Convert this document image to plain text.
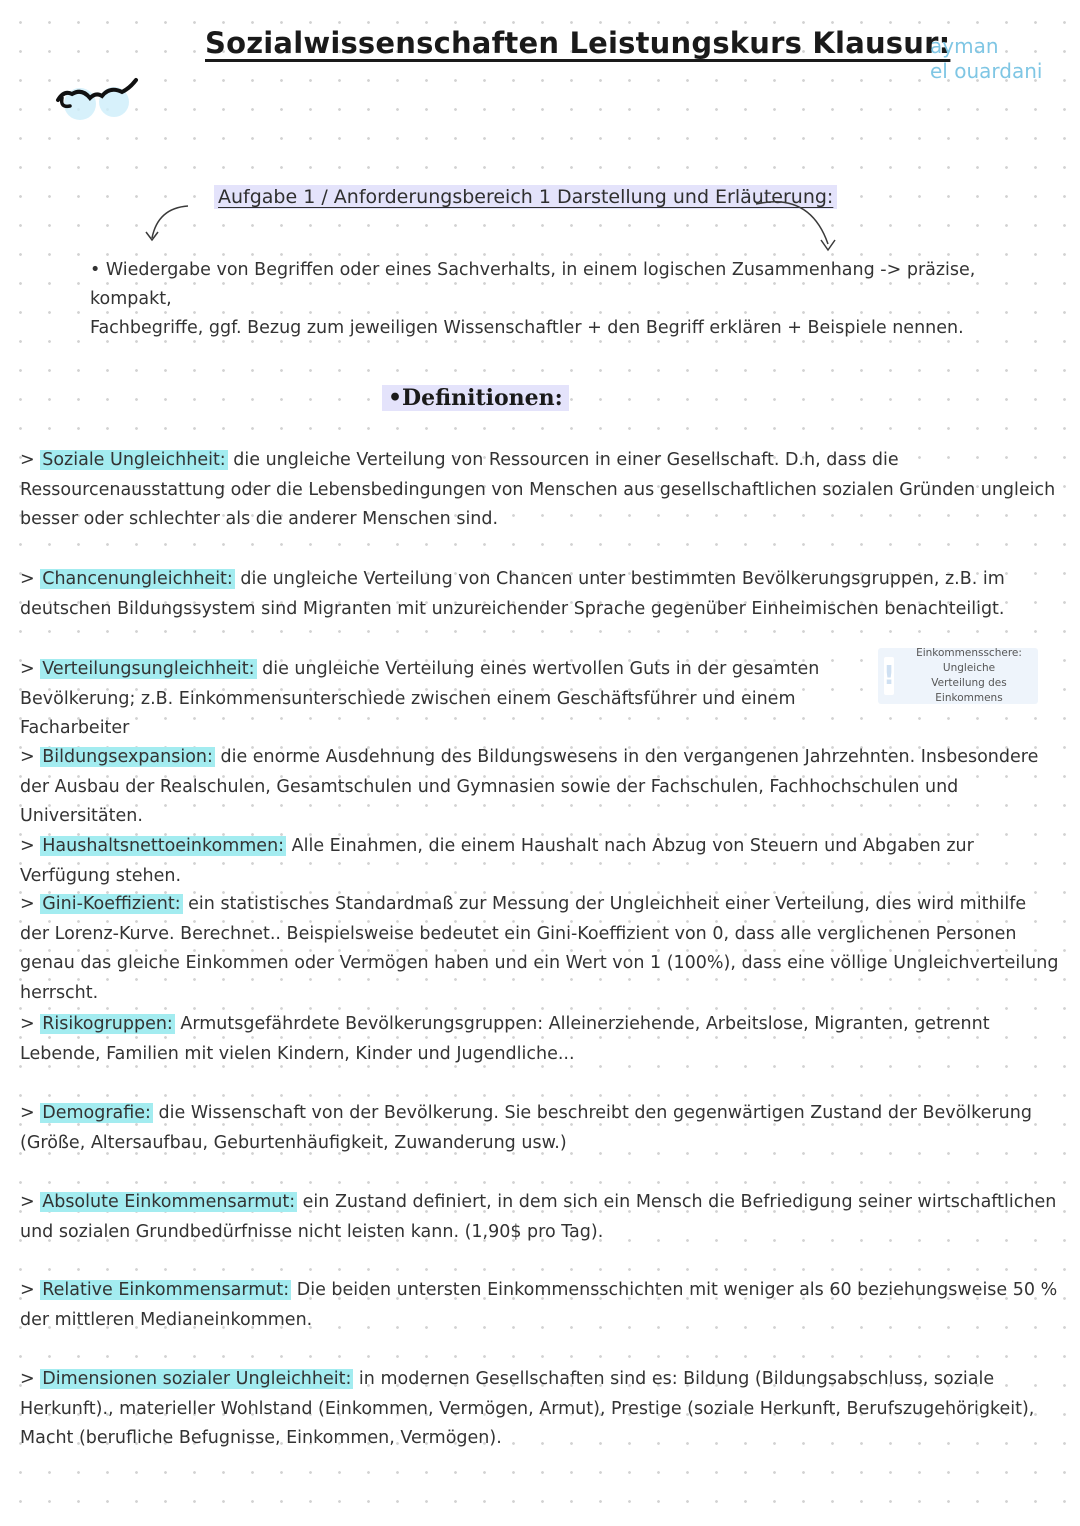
Sozialwissenschaften Leistungskurs Klausur:
ayman
el ouardani
Aufgabe 1 / Anforderungsbereich 1 Darstellung und Erläuterung:
• Wiedergabe von Begriffen oder eines Sachverhalts, in einem logischen Zusammenhang -> präzise, kompakt,
Fachbegriffe, ggf. Bezug zum jeweiligen Wissenschaftler + den Begriff erklären + Beispiele nennen.
•Definitionen:
> Soziale Ungleichheit: die ungleiche Verteilung von Ressourcen in einer Gesellschaft. D.h, dass die Ressourcenausstattung oder die Lebensbedingungen von Menschen aus gesellschaftlichen sozialen Gründen ungleich besser oder schlechter als die anderer Menschen sind.
> Chancenungleichheit: die ungleiche Verteilung von Chancen unter bestimmten Bevölkerungsgruppen, z.B. im deutschen Bildungssystem sind Migranten mit unzureichender Sprache gegenüber Einheimischen benachteiligt.
> Verteilungsungleichheit: die ungleiche Verteilung eines wertvollen Guts in der gesamten Bevölkerung; z.B. Einkommensunterschiede zwischen einem Geschäftsführer und einem Facharbeiter
!
Einkommensschere: Ungleiche
Verteilung des Einkommens
> Bildungsexpansion: die enorme Ausdehnung des Bildungswesens in den vergangenen Jahrzehnten. Insbesondere der Ausbau der Realschulen, Gesamtschulen und Gymnasien sowie der Fachschulen, Fachhochschulen und Universitäten.
> Haushaltsnettoeinkommen: Alle Einahmen, die einem Haushalt nach Abzug von Steuern und Abgaben zur Verfügung stehen.
> Gini-Koeffizient: ein statistisches Standardmaß zur Messung der Ungleichheit einer Verteilung, dies wird mithilfe der Lorenz-Kurve. Berechnet.. Beispielsweise bedeutet ein Gini-Koeffizient von 0, dass alle verglichenen Personen genau das gleiche Einkommen oder Vermögen haben und ein Wert von 1 (100%), dass eine völlige Ungleichverteilung herrscht.
> Risikogruppen: Armutsgefährdete Bevölkerungsgruppen: Alleinerziehende, Arbeitslose, Migranten, getrennt Lebende, Familien mit vielen Kindern, Kinder und Jugendliche...
> Demografie: die Wissenschaft von der Bevölkerung. Sie beschreibt den gegenwärtigen Zustand der Bevölkerung (Größe, Altersaufbau, Geburtenhäufigkeit, Zuwanderung usw.)
> Absolute Einkommensarmut: ein Zustand definiert, in dem sich ein Mensch die Befriedigung seiner wirtschaftlichen und sozialen Grundbedürfnisse nicht leisten kann. (1,90$ pro Tag).
> Relative Einkommensarmut: Die beiden untersten Einkommensschichten mit weniger als 60 beziehungsweise 50 % der mittleren Medianeinkommen.
> Dimensionen sozialer Ungleichheit: in modernen Gesellschaften sind es: Bildung (Bildungsabschluss, soziale Herkunft)., materieller Wohlstand (Einkommen, Vermögen, Armut), Prestige (soziale Herkunft, Berufszugehörigkeit), Macht (berufliche Befugnisse, Einkommen, Vermögen).
